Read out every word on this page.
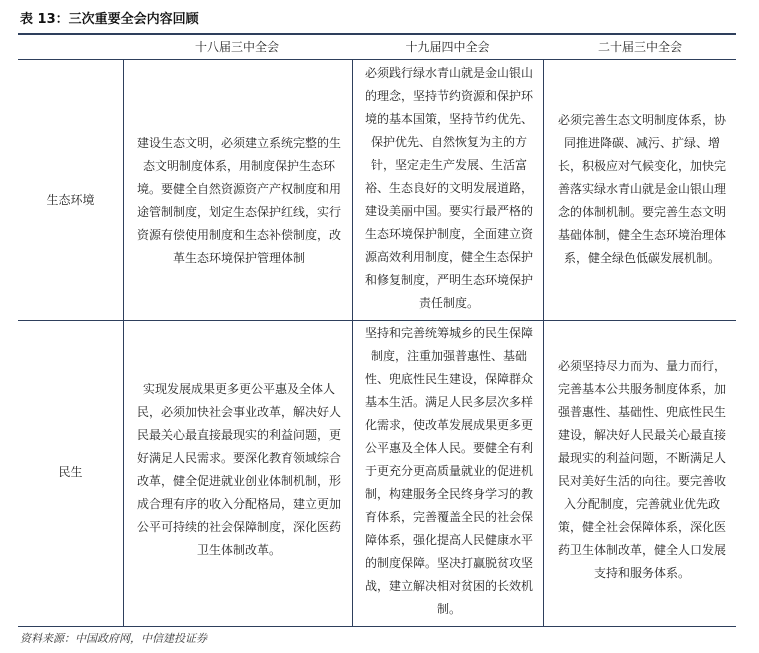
表 13：三次重要全会内容回顾
十八届三中全会	十九届四中全会	二十届三中全会
生态环境
建设生态文明，必须建立系统完整的生态文明制度体系，用制度保护生态环境。要健全自然资源资产产权制度和用途管制制度，划定生态保护红线，实行资源有偿使用制度和生态补偿制度，改革生态环境保护管理体制
必须践行绿水青山就是金山银山的理念，坚持节约资源和保护环境的基本国策，坚持节约优先、保护优先、自然恢复为主的方针，坚定走生产发展、生活富裕、生态良好的文明发展道路，建设美丽中国。要实行最严格的生态环境保护制度，全面建立资源高效利用制度，健全生态保护和修复制度，严明生态环境保护责任制度。
必须完善生态文明制度体系，协同推进降碳、减污、扩绿、增长，积极应对气候变化，加快完善落实绿水青山就是金山银山理念的体制机制。要完善生态文明基础体制，健全生态环境治理体系，健全绿色低碳发展机制。
民生
实现发展成果更多更公平惠及全体人民，必须加快社会事业改革，解决好人民最关心最直接最现实的利益问题，更好满足人民需求。要深化教育领域综合改革，健全促进就业创业体制机制，形成合理有序的收入分配格局，建立更加公平可持续的社会保障制度，深化医药卫生体制改革。
坚持和完善统筹城乡的民生保障制度，注重加强普惠性、基础性、兜底性民生建设，保障群众基本生活。满足人民多层次多样化需求，使改革发展成果更多更公平惠及全体人民。要健全有利于更充分更高质量就业的促进机制，构建服务全民终身学习的教育体系，完善覆盖全民的社会保障体系，强化提高人民健康水平的制度保障。坚决打赢脱贫攻坚战，建立解决相对贫困的长效机制。
必须坚持尽力而为、量力而行，完善基本公共服务制度体系，加强普惠性、基础性、兜底性民生建设，解决好人民最关心最直接最现实的利益问题，不断满足人民对美好生活的向往。要完善收入分配制度，完善就业优先政策，健全社会保障体系，深化医药卫生体制改革，健全人口发展支持和服务体系。
资料来源：中国政府网，中信建投证券
